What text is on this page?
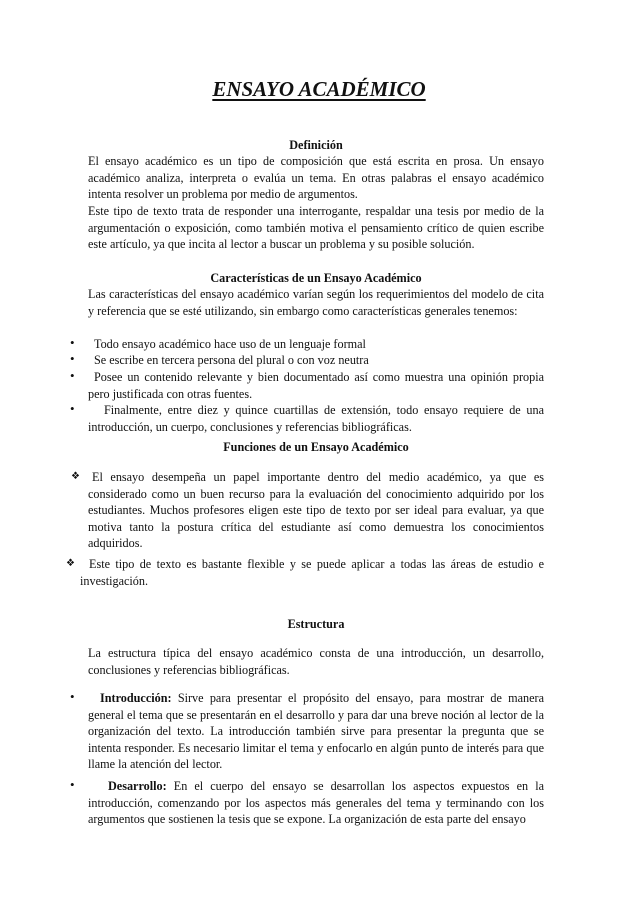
ENSAYO ACADÉMICO
Definición

El ensayo académico es un tipo de composición que está escrita en prosa. Un ensayo académico analiza, interpreta o evalúa un tema. En otras palabras el ensayo académico intenta resolver un problema por medio de argumentos.

Este tipo de texto trata de responder una interrogante, respaldar una tesis por medio de la argumentación o exposición, como también motiva el pensamiento crítico de quien escribe este artículo, ya que incita al lector a buscar un problema y su posible solución.

Características de un Ensayo Académico

Las características del ensayo académico varían según los requerimientos del modelo de cita y referencia que se esté utilizando, sin embargo como características generales tenemos:

• Todo ensayo académico hace uso de un lenguaje formal

• Se escribe en tercera persona del plural o con voz neutra

•	Posee un contenido relevante y bien documentado así como muestra una opinión propia pero justificada con otras fuentes.

•	Finalmente, entre diez y quince cuartillas de extensión, todo ensayo requiere de una introducción, un cuerpo, conclusiones y referencias bibliográficas.

Funciones de un Ensayo Académico
❖ El ensayo desempeña un papel importante dentro del medio académico, ya que es considerado como un buen recurso para la evaluación del conocimiento adquirido por los estudiantes. Muchos profesores eligen este tipo de texto por ser ideal para evaluar, ya que motiva tanto la postura crítica del estudiante así como demuestra los conocimientos adquiridos.

❖	Este tipo de texto es bastante flexible y se puede aplicar a todas las áreas de estudio e investigación.

Estructura

La estructura típica del ensayo académico consta de una introducción, un desarrollo, conclusiones y referencias bibliográficas.

•	Introducción: Sirve para presentar el propósito del ensayo, para mostrar de manera general el tema que se presentarán en el desarrollo y para dar una breve noción al lector de la organización del texto. La introducción también sirve para presentar la pregunta que se intenta responder. Es necesario limitar el tema y enfocarlo en algún punto de interés para que llame la atención del lector.

•	Desarrollo: En el cuerpo del ensayo se desarrollan los aspectos expuestos en la introducción, comenzando por los aspectos más generales del tema y terminando con los argumentos que sostienen la tesis que se expone. La organización de esta parte del ensayo
